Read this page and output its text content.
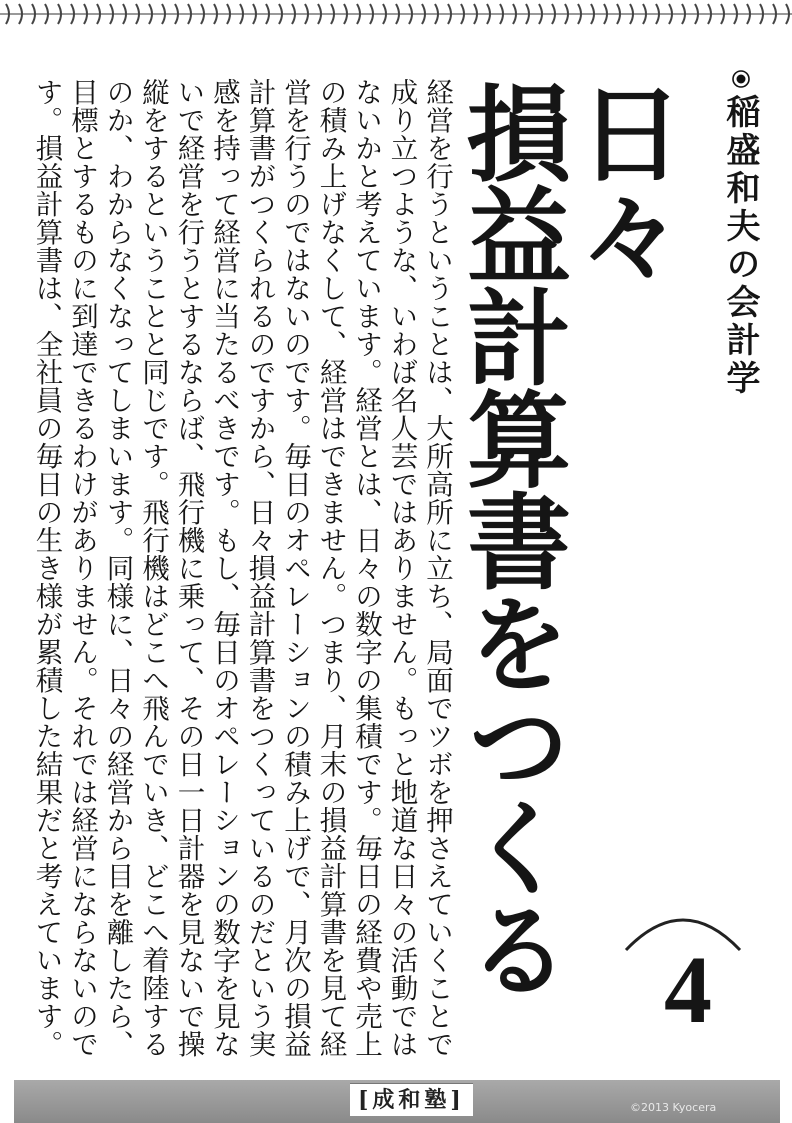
稲盛和夫の会計学
日々
損益計算書をつくる
経営を行うということは、大所高所に立ち、局面でツボを押さえていくことで成り立つような、いわば名人芸ではありません。もっと地道な日々の活動ではないかと考えています。経営とは、日々の数字の集積です。毎日の経費や売上の積み上げなくして、経営はできません。つまり、月末の損益計算書を見て経営を行うのではないのです。毎日のオペレーションの積み上げで、月次の損益計算書がつくられるのですから、日々損益計算書をつくっているのだという実感を持って経営に当たるべきです。もし、毎日のオペレーションの数字を見ないで経営を行うとするならば、飛行機に乗って、その日一日計器を見ないで操縦をするということと同じです。飛行機はどこへ飛んでいき、どこへ着陸するのか、わからなくなってしまいます。同様に、日々の経営から目を離したら、目標とするものに到達できるわけがありません。それでは経営にならないのです。損益計算書は、全社員の毎日の生き様が累積した結果だと考えています。	4
[成和塾]	©2013 Kyocera
